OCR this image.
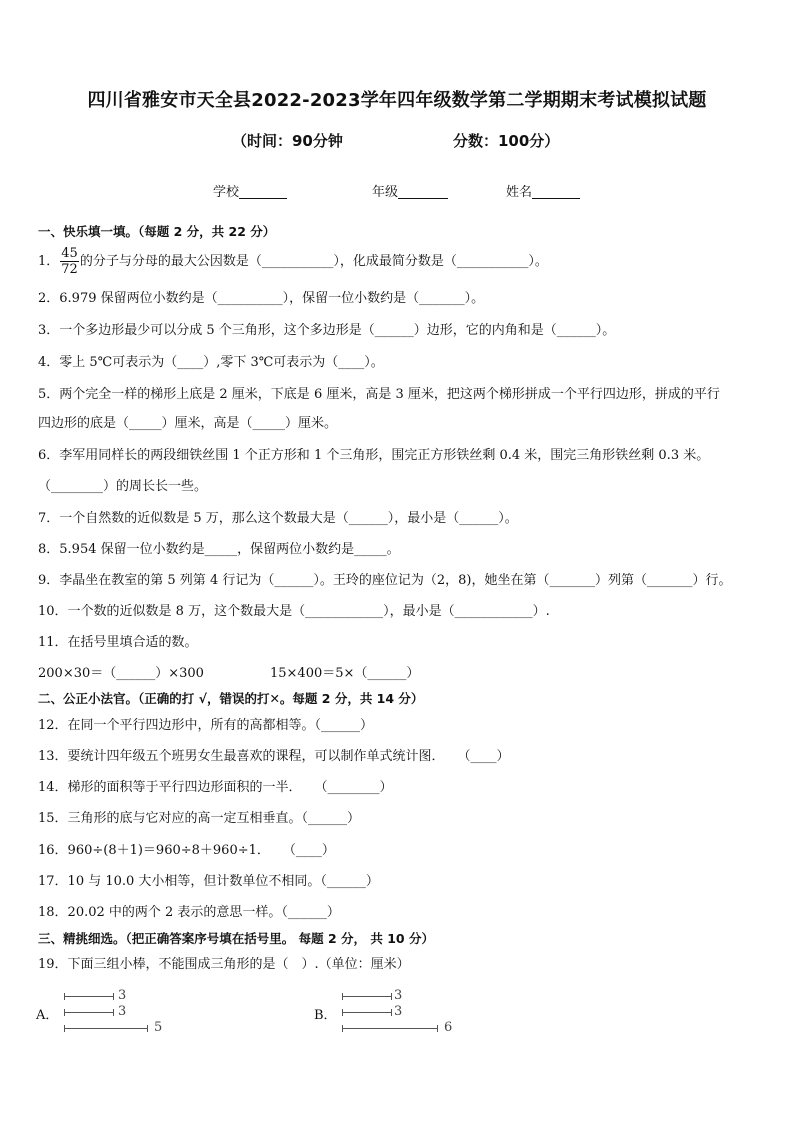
四川省雅安市天全县2022-2023学年四年级数学第二学期期末考试模拟试题
（时间：90分钟	分数：100分）
学校	年级	姓名
一、快乐填一填。（每题 2 分，共 22 分）
1． $\frac{45}{72}$ 的分子与分母的最大公因数是（___________），化成最简分数是（___________）。
2．6.979 保留两位小数约是（__________），保留一位小数约是（_______）。
3．一个多边形最少可以分成 5 个三角形，这个多边形是（______）边形，它的内角和是（______）。
4．零上 5℃可表示为（____）,零下 3℃可表示为（____）。
5．两个完全一样的梯形上底是 2 厘米，下底是 6 厘米，高是 3 厘米，把这两个梯形拼成一个平行四边形，拼成的平行
四边形的底是（_____）厘米，高是（_____）厘米。
6．李军用同样长的两段细铁丝围 1 个正方形和 1 个三角形，围完正方形铁丝剩 0.4 米，围完三角形铁丝剩 0.3 米。
（________）的周长长一些。
7．一个自然数的近似数是 5 万，那么这个数最大是（______），最小是（______）。
8．5.954 保留一位小数约是_____，保留两位小数约是_____。
9．李晶坐在教室的第 5 列第 4 行记为（______）。王玲的座位记为（2，8)，她坐在第（_______）列第（_______）行。
10．一个数的近似数是 8 万，这个数最大是（____________），最小是（____________）.
11．在括号里填合适的数。
200×30＝（______）×300	15×400＝5×（______）
二、公正小法官。（正确的打 √，错误的打✕。每题 2 分，共 14 分）
12．在同一个平行四边形中，所有的高都相等。（______）
13．要统计四年级五个班男女生最喜欢的课程，可以制作单式统计图．　　（____）
14．梯形的面积等于平行四边形面积的一半．　　（________）
15．三角形的底与它对应的高一定互相垂直。（______）
16．960÷(8＋1)＝960÷8＋960÷1．　　（____）
17．10 与 10.0 大小相等，但计数单位不相同。（______）
18．20.02 中的两个 2 表示的意思一样。（______）
三、精挑细选。（把正确答案序号填在括号里。 每题 2 分， 共 10 分）
19．下面三组小棒，不能围成三角形的是（　）.（单位：厘米）
A．
3
3
5
B．
3
3
6
